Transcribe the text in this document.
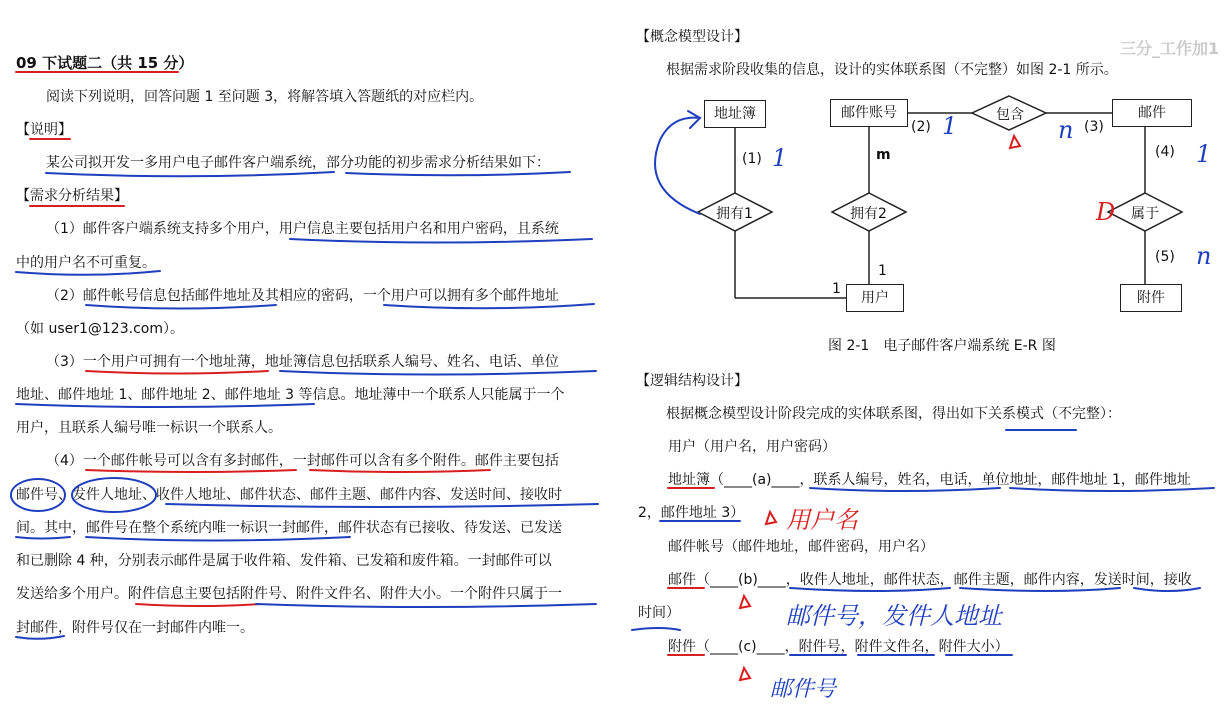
09 下试题二（共 15 分）
阅读下列说明，回答问题 1 至问题 3，将解答填入答题纸的对应栏内。
【说明】
某公司拟开发一多用户电子邮件客户端系统，部分功能的初步需求分析结果如下：
【需求分析结果】
（1）邮件客户端系统支持多个用户，用户信息主要包括用户名和用户密码，且系统
中的用户名不可重复。
（2）邮件帐号信息包括邮件地址及其相应的密码，一个用户可以拥有多个邮件地址
（如 user1@123.com）。
（3）一个用户可拥有一个地址薄，地址簿信息包括联系人编号、姓名、电话、单位
地址、邮件地址 1、邮件地址 2、邮件地址 3 等信息。地址薄中一个联系人只能属于一个
用户，且联系人编号唯一标识一个联系人。
（4）一个邮件帐号可以含有多封邮件，一封邮件可以含有多个附件。邮件主要包括
邮件号、发件人地址、收件人地址、邮件状态、邮件主题、邮件内容、发送时间、接收时
间。其中，邮件号在整个系统内唯一标识一封邮件，邮件状态有已接收、待发送、已发送
和已删除 4 种，分别表示邮件是属于收件箱、发件箱、已发箱和废件箱。一封邮件可以
发送给多个用户。附件信息主要包括附件号、附件文件名、附件大小。一个附件只属于一
封邮件，附件号仅在一封邮件内唯一。
【概念模型设计】
根据需求阶段收集的信息，设计的实体联系图（不完整）如图 2-1 所示。
地址簿	邮件账号	邮件
用户	附件
包含
拥有1	拥有2	属于
(1)
(2)	(3)
(4)
(5)
m
1
1
图 2-1　电子邮件客户端系统 E-R 图
【逻辑结构设计】
根据概念模型设计阶段完成的实体联系图，得出如下关系模式（不完整）：
用户（用户名，用户密码）
地址簿（____(a)____，联系人编号，姓名，电话，单位地址，邮件地址 1，邮件地址
2，邮件地址 3）
邮件帐号（邮件地址，邮件密码，用户名）
邮件（____(b)____，收件人地址，邮件状态，邮件主题，邮件内容，发送时间，接收
时间）
附件（____(c)____，附件号，附件文件名，附件大小）
1
1	n
1
n
D
用户名
邮件号，发件人地址
邮件号
三分_工作加1
